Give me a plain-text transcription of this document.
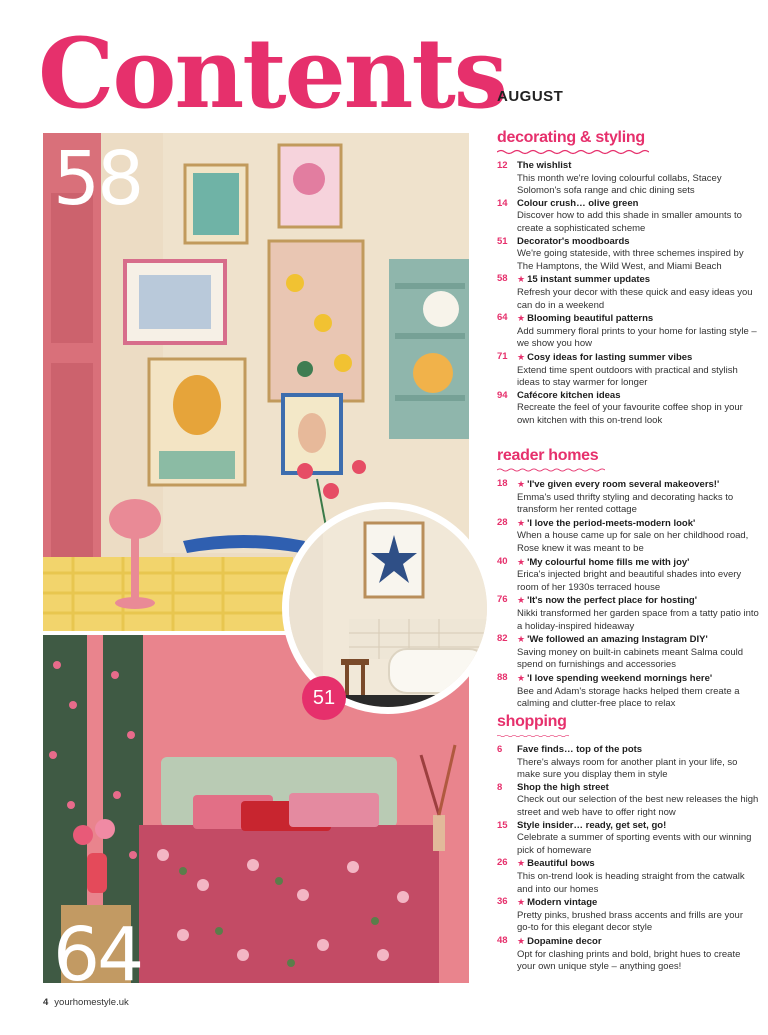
Contents
AUGUST
58
64
51
decorating & styling
12 The wishlist
This month we're loving colourful collabs, Stacey Solomon's sofa range and chic dining sets
14 Colour crush… olive green
Discover how to add this shade in smaller amounts to create a sophisticated scheme
51 Decorator's moodboards
We're going stateside, with three schemes inspired by The Hamptons, the Wild West, and Miami Beach
58	★ 15 instant summer updates
Refresh your decor with these quick and easy ideas you can do in a weekend
64	★ Blooming beautiful patterns
Add summery floral prints to your home for lasting style – we show you how
71	★ Cosy ideas for lasting summer vibes
Extend time spent outdoors with practical and stylish ideas to stay warmer for longer
94 Cafécore kitchen ideas
Recreate the feel of your favourite coffee shop in your own kitchen with this on-trend look
reader homes
18	★ 'I've given every room several makeovers!'
Emma's used thrifty styling and decorating hacks to transform her rented cottage
28	★ 'I love the period-meets-modern look'
When a house came up for sale on her childhood road, Rose knew it was meant to be
40	★ 'My colourful home fills me with joy'
Erica's injected bright and beautiful shades into every room of her 1930s terraced house
76	★ 'It's now the perfect place for hosting'
Nikki transformed her garden space from a tatty patio into a holiday-inspired hideaway
82	★ 'We followed an amazing Instagram DIY'
Saving money on built-in cabinets meant Salma could spend on furnishings and accessories
88	★ 'I love spending weekend mornings here'
Bee and Adam's storage hacks helped them create a calming and clutter-free place to relax
shopping
6	Fave finds… top of the pots
There's always room for another plant in your life, so make sure you display them in style
8	Shop the high street
Check out our selection of the best new releases the high street and web have to offer right now
15 Style insider… ready, get set, go!
Celebrate a summer of sporting events with our winning pick of homeware
26	★ Beautiful bows
This on-trend look is heading straight from the catwalk and into our homes
36	★ Modern vintage
Pretty pinks, brushed brass accents and frills are your go-to for this elegant decor style
48	★ Dopamine decor
Opt for clashing prints and bold, bright hues to create your own unique style – anything goes!
4 yourhomestyle.uk
